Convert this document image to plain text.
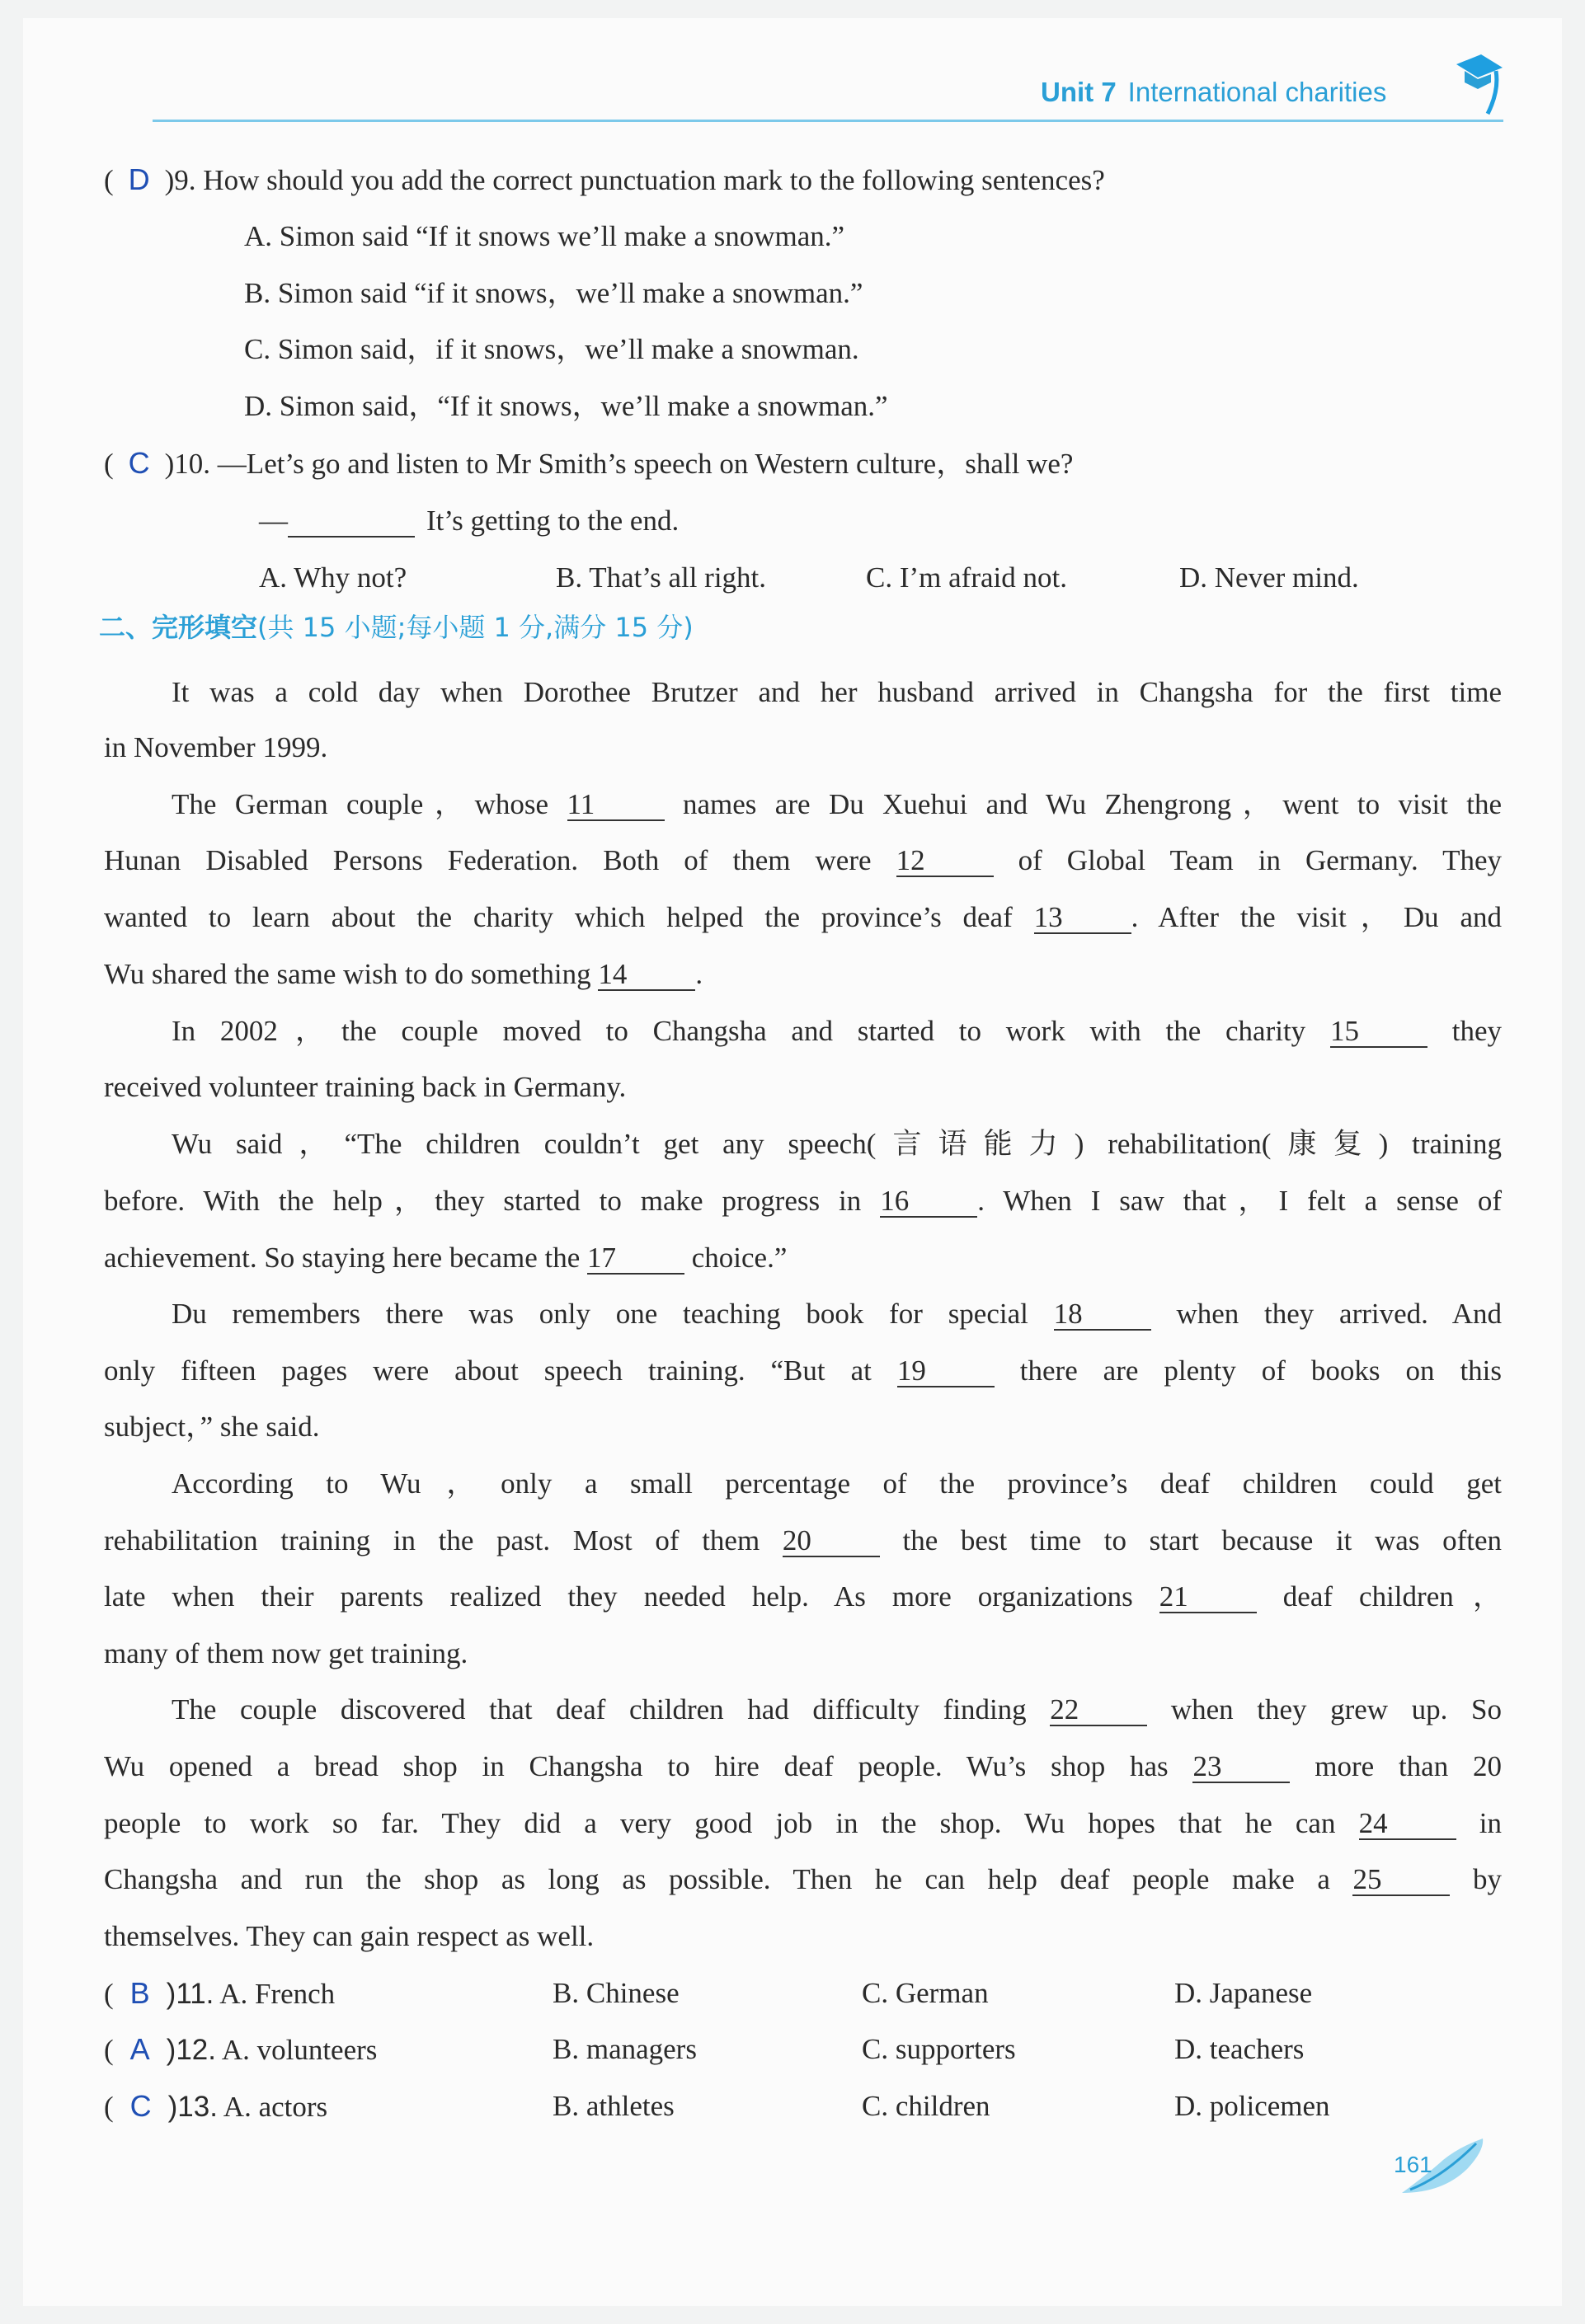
Unit 7 International charities
( D )9. How should you add the correct punctuation mark to the following sentences?
A. Simon said “If it snows we’ll make a snowman.”
B. Simon said “if it snows，we’ll make a snowman.”
C. Simon said，if it snows，we’ll make a snowman.
D. Simon said，“If it snows，we’ll make a snowman.”
( C )10. —Let’s go and listen to Mr Smith’s speech on Western culture，shall we?
—	It’s getting to the end.
A. Why not?	B. That’s all right.	C. I’m afraid not.	D. Never mind.
二、完形填空(共 15 小题;每小题 1 分,满分 15 分)
It was a cold day when Dorothee Brutzer and her husband arrived in Changsha for the first time
in November 1999.
The German couple，whose 11	names are Du Xuehui and Wu Zhengrong，went to visit the
Hunan Disabled Persons Federation. Both of them were 12	of Global Team in Germany. They
wanted to learn about the charity which helped the province’s deaf 13 . After the visit，Du and
Wu shared the same wish to do something 14 .
In 2002，the couple moved to Changsha and started to work with the charity 15	they
received volunteer training back in Germany.
Wu said，“The children couldn’t get any speech(言语能力) rehabilitation(康复) training
before. With the help，they started to make progress in 16 . When I saw that，I felt a sense of
achievement. So staying here became the 17	choice.”
Du remembers there was only one teaching book for special 18	when they arrived. And
only fifteen pages were about speech training. “But at 19	there are plenty of books on this
subject，” she said.
According to Wu，only a small percentage of the province’s deaf children could get
rehabilitation training in the past. Most of them 20	the best time to start because it was often
late when their parents realized they needed help. As more organizations 21	deaf children，
many of them now get training.
The couple discovered that deaf children had difficulty finding 22	when they grew up. So
Wu opened a bread shop in Changsha to hire deaf people. Wu’s shop has 23	more than 20
people to work so far. They did a very good job in the shop. Wu hopes that he can 24	in
Changsha and run the shop as long as possible. Then he can help deaf people make a 25	by
themselves. They can gain respect as well.
( B )11. A. French	B. Chinese	C. German	D. Japanese
( A )12. A. volunteers	B. managers	C. supporters	D. teachers
( C )13. A. actors	B. athletes	C. children	D. policemen
161
